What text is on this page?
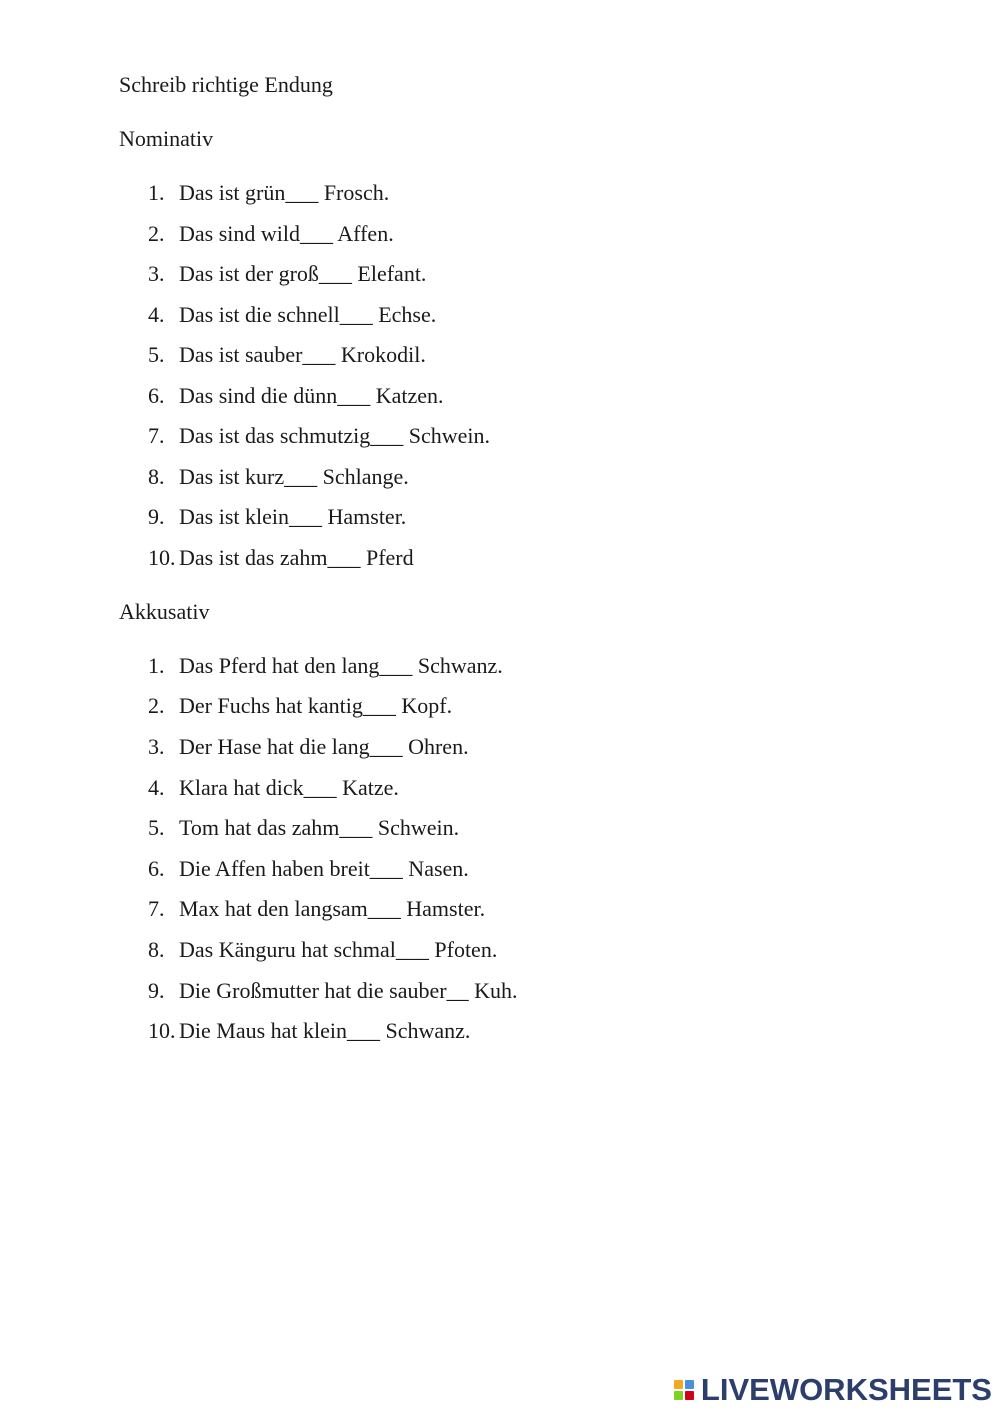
Schreib richtige Endung
Nominativ
1. Das ist grün___ Frosch.
2. Das sind wild___ Affen.
3. Das ist der groß___ Elefant.
4. Das ist die schnell___ Echse.
5. Das ist sauber___ Krokodil.
6. Das sind die dünn___ Katzen.
7. Das ist das schmutzig___ Schwein.
8. Das ist kurz___ Schlange.
9. Das ist klein___ Hamster.
10. Das ist das zahm___ Pferd
Akkusativ
1. Das Pferd hat den lang___ Schwanz.
2. Der Fuchs hat kantig___ Kopf.
3. Der Hase hat die lang___ Ohren.
4. Klara hat dick___ Katze.
5. Tom hat das zahm___ Schwein.
6. Die Affen haben breit___ Nasen.
7. Max hat den langsam___ Hamster.
8. Das Känguru hat schmal___ Pfoten.
9. Die Großmutter hat die sauber__ Kuh.
10. Die Maus hat klein___ Schwanz.
LIVEWORKSHEETS
